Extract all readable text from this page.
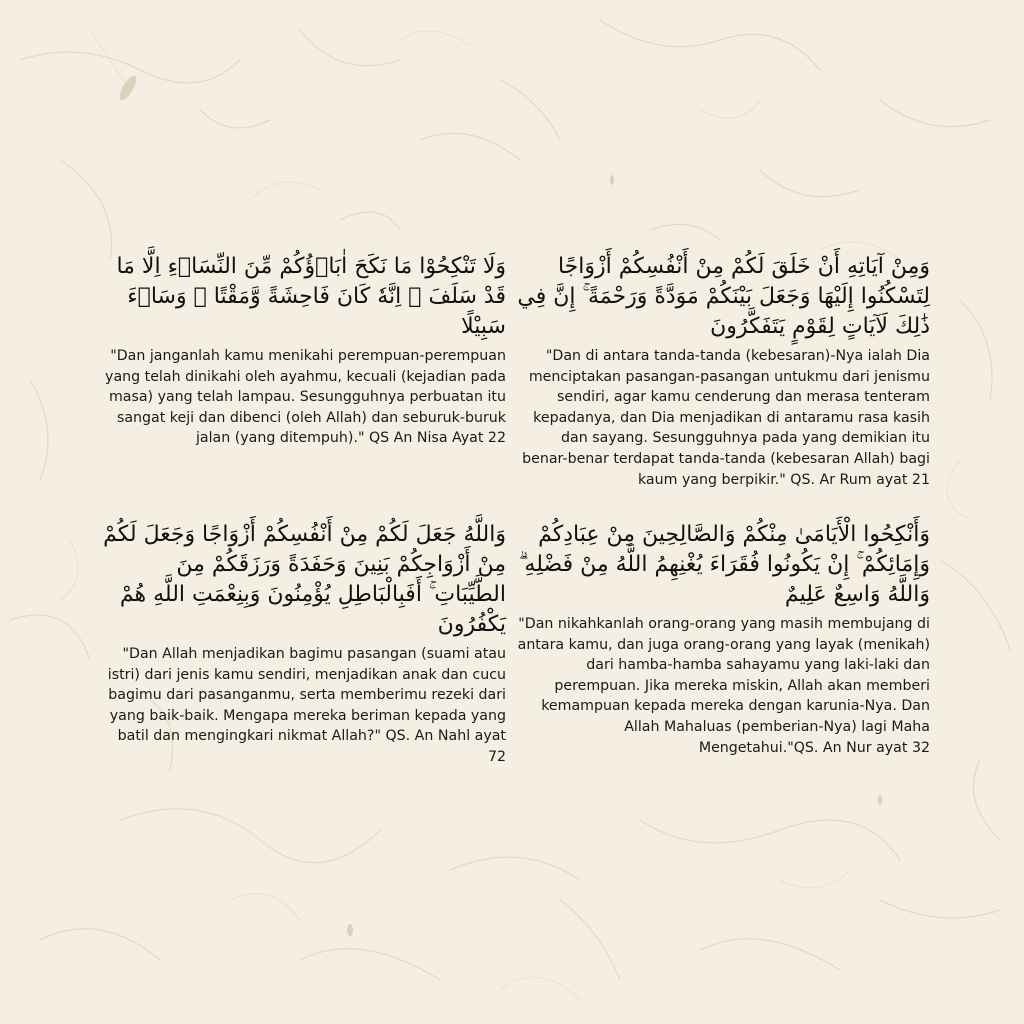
وَلَا تَنْكِحُوْا مَا نَكَحَ اٰبَاۤؤُكُمْ مِّنَ النِّسَاۤءِ اِلَّا مَا قَدْ سَلَفَ ۗ اِنَّهٗ كَانَ فَاحِشَةً وَّمَقْتًا ۗ وَسَاۤءَ سَبِيْلًا

"Dan janganlah kamu menikahi perempuan-perempuan yang telah dinikahi oleh ayahmu, kecuali (kejadian pada masa) yang telah lampau. Sesungguhnya perbuatan itu sangat keji dan dibenci (oleh Allah) dan seburuk-buruk jalan (yang ditempuh)." QS An Nisa Ayat 22

وَمِنْ آيَاتِهِ أَنْ خَلَقَ لَكُمْ مِنْ أَنْفُسِكُمْ أَزْوَاجًا لِتَسْكُنُوا إِلَيْهَا وَجَعَلَ بَيْنَكُمْ مَوَدَّةً وَرَحْمَةً ۚ إِنَّ فِي ذَٰلِكَ لَآيَاتٍ لِقَوْمٍ يَتَفَكَّرُونَ

"Dan di antara tanda-tanda (kebesaran)-Nya ialah Dia menciptakan pasangan-pasangan untukmu dari jenismu sendiri, agar kamu cenderung dan merasa tenteram kepadanya, dan Dia menjadikan di antaramu rasa kasih dan sayang. Sesungguhnya pada yang demikian itu benar-benar terdapat tanda-tanda (kebesaran Allah) bagi kaum yang berpikir." QS. Ar Rum ayat 21

وَاللَّهُ جَعَلَ لَكُمْ مِنْ أَنْفُسِكُمْ أَزْوَاجًا وَجَعَلَ لَكُمْ مِنْ أَزْوَاجِكُمْ بَنِينَ وَحَفَدَةً وَرَزَقَكُمْ مِنَ الطَّيِّبَاتِ ۚ أَفَبِالْبَاطِلِ يُؤْمِنُونَ وَبِنِعْمَتِ اللَّهِ هُمْ يَكْفُرُونَ

"Dan Allah menjadikan bagimu pasangan (suami atau istri) dari jenis kamu sendiri, menjadikan anak dan cucu bagimu dari pasanganmu, serta memberimu rezeki dari yang baik-baik. Mengapa mereka beriman kepada yang batil dan mengingkari nikmat Allah?" QS. An Nahl ayat 72

وَأَنْكِحُوا الْأَيَامَىٰ مِنْكُمْ وَالصَّالِحِينَ مِنْ عِبَادِكُمْ وَإِمَائِكُمْ ۚ إِنْ يَكُونُوا فُقَرَاءَ يُغْنِهِمُ اللَّهُ مِنْ فَضْلِهِ ۗ وَاللَّهُ وَاسِعٌ عَلِيمٌ

"Dan nikahkanlah orang-orang yang masih membujang di antara kamu, dan juga orang-orang yang layak (menikah) dari hamba-hamba sahayamu yang laki-laki dan perempuan. Jika mereka miskin, Allah akan memberi kemampuan kepada mereka dengan karunia-Nya. Dan Allah Mahaluas (pemberian-Nya) lagi Maha Mengetahui."QS. An Nur ayat 32
